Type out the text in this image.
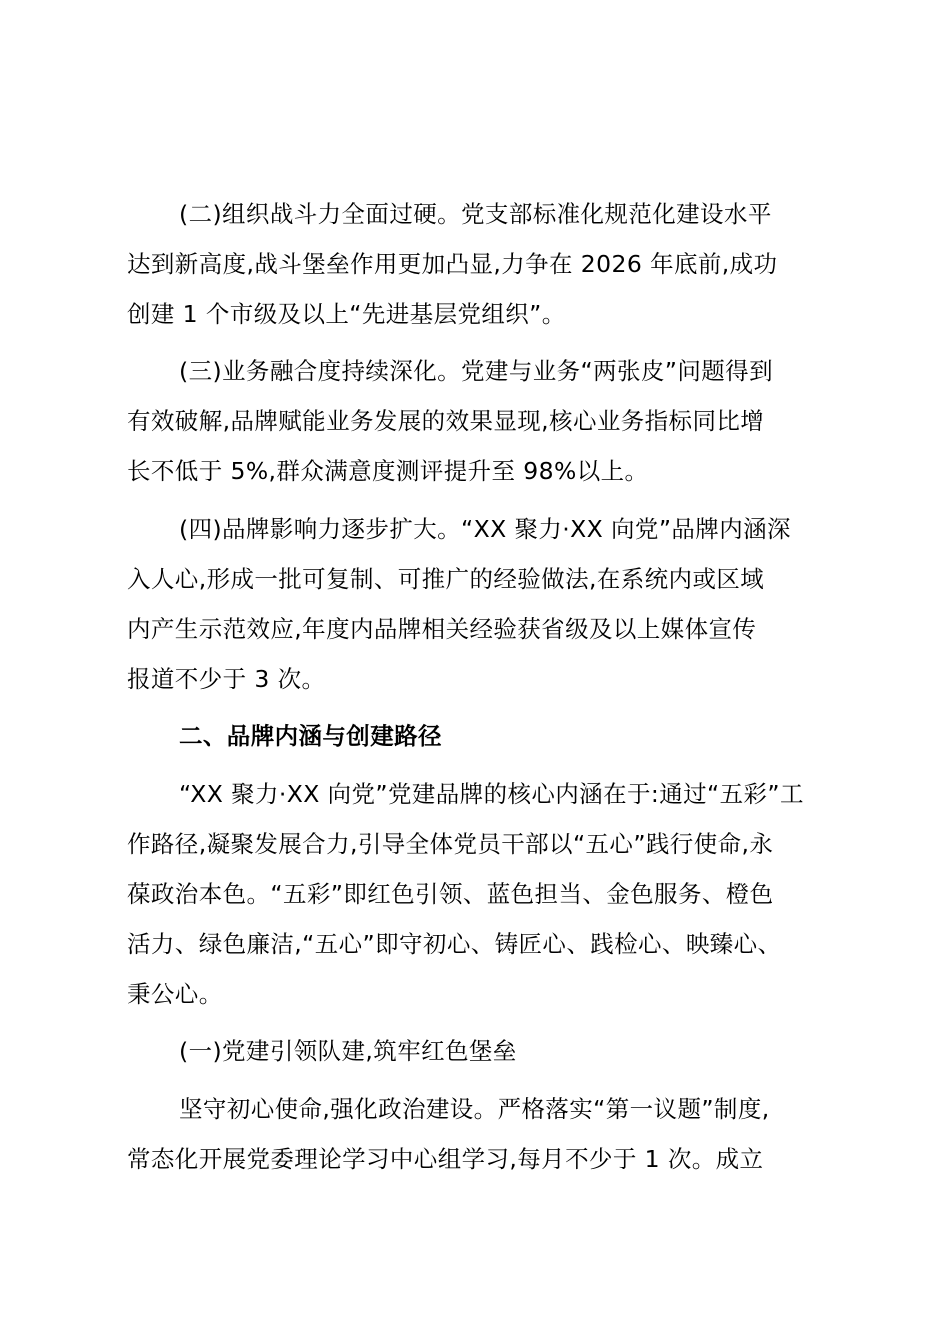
(二)组织战斗力全面过硬。党支部标准化规范化建设水平
达到新高度,战斗堡垒作用更加凸显,力争在 2026 年底前,成功
创建 1 个市级及以上“先进基层党组织”。
(三)业务融合度持续深化。党建与业务“两张皮”问题得到
有效破解,品牌赋能业务发展的效果显现,核心业务指标同比增
长不低于 5%,群众满意度测评提升至 98%以上。
(四)品牌影响力逐步扩大。“XX 聚力·XX 向党”品牌内涵深
入人心,形成一批可复制、可推广的经验做法,在系统内或区域
内产生示范效应,年度内品牌相关经验获省级及以上媒体宣传
报道不少于 3 次。
二、品牌内涵与创建路径
“XX 聚力·XX 向党”党建品牌的核心内涵在于:通过“五彩”工
作路径,凝聚发展合力,引导全体党员干部以“五心”践行使命,永
葆政治本色。“五彩”即红色引领、蓝色担当、金色服务、橙色
活力、绿色廉洁,“五心”即守初心、铸匠心、践检心、映臻心、
秉公心。
(一)党建引领队建,筑牢红色堡垒
坚守初心使命,强化政治建设。严格落实“第一议题”制度,
常态化开展党委理论学习中心组学习,每月不少于 1 次。成立
